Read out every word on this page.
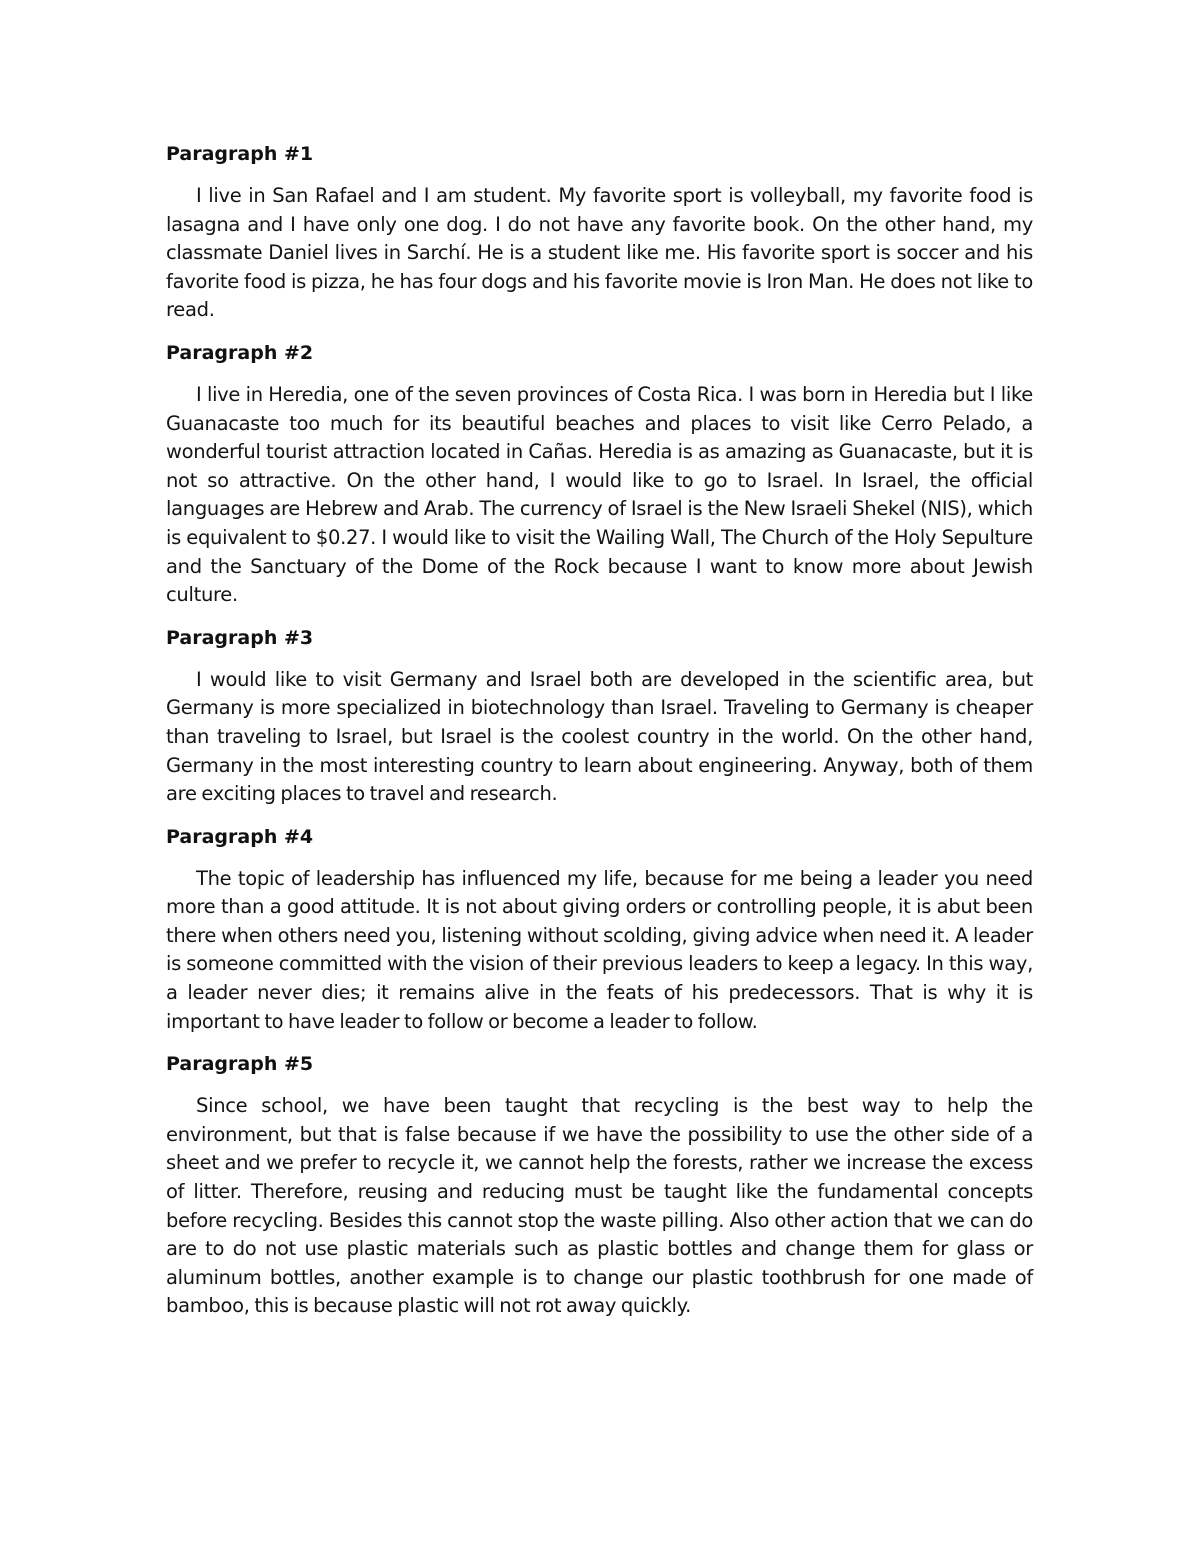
Paragraph #1

I live in San Rafael and I am student. My favorite sport is volleyball, my favorite food is lasagna and I have only one dog. I do not have any favorite book. On the other hand, my classmate Daniel lives in Sarchí. He is a student like me. His favorite sport is soccer and his favorite food is pizza, he has four dogs and his favorite movie is Iron Man. He does not like to read.

Paragraph #2

I live in Heredia, one of the seven provinces of Costa Rica. I was born in Heredia but I like Guanacaste too much for its beautiful beaches and places to visit like Cerro Pelado, a wonderful tourist attraction located in Cañas. Heredia is as amazing as Guanacaste, but it is not so attractive. On the other hand, I would like to go to Israel. In Israel, the official languages are Hebrew and Arab. The currency of Israel is the New Israeli Shekel (NIS), which is equivalent to $0.27. I would like to visit the Wailing Wall, The Church of the Holy Sepulture and the Sanctuary of the Dome of the Rock because I want to know more about Jewish culture.

Paragraph #3

I would like to visit Germany and Israel both are developed in the scientific area, but Germany is more specialized in biotechnology than Israel. Traveling to Germany is cheaper than traveling to Israel, but Israel is the coolest country in the world. On the other hand, Germany in the most interesting country to learn about engineering. Anyway, both of them are exciting places to travel and research.

Paragraph #4

The topic of leadership has influenced my life, because for me being a leader you need more than a good attitude. It is not about giving orders or controlling people, it is abut been there when others need you, listening without scolding, giving advice when need it. A leader is someone committed with the vision of their previous leaders to keep a legacy. In this way, a leader never dies; it remains alive in the feats of his predecessors. That is why it is important to have leader to follow or become a leader to follow.

Paragraph #5

Since school, we have been taught that recycling is the best way to help the environment, but that is false because if we have the possibility to use the other side of a sheet and we prefer to recycle it, we cannot help the forests, rather we increase the excess of litter. Therefore, reusing and reducing must be taught like the fundamental concepts before recycling. Besides this cannot stop the waste pilling. Also other action that we can do are to do not use plastic materials such as plastic bottles and change them for glass or aluminum bottles, another example is to change our plastic toothbrush for one made of bamboo, this is because plastic will not rot away quickly.
